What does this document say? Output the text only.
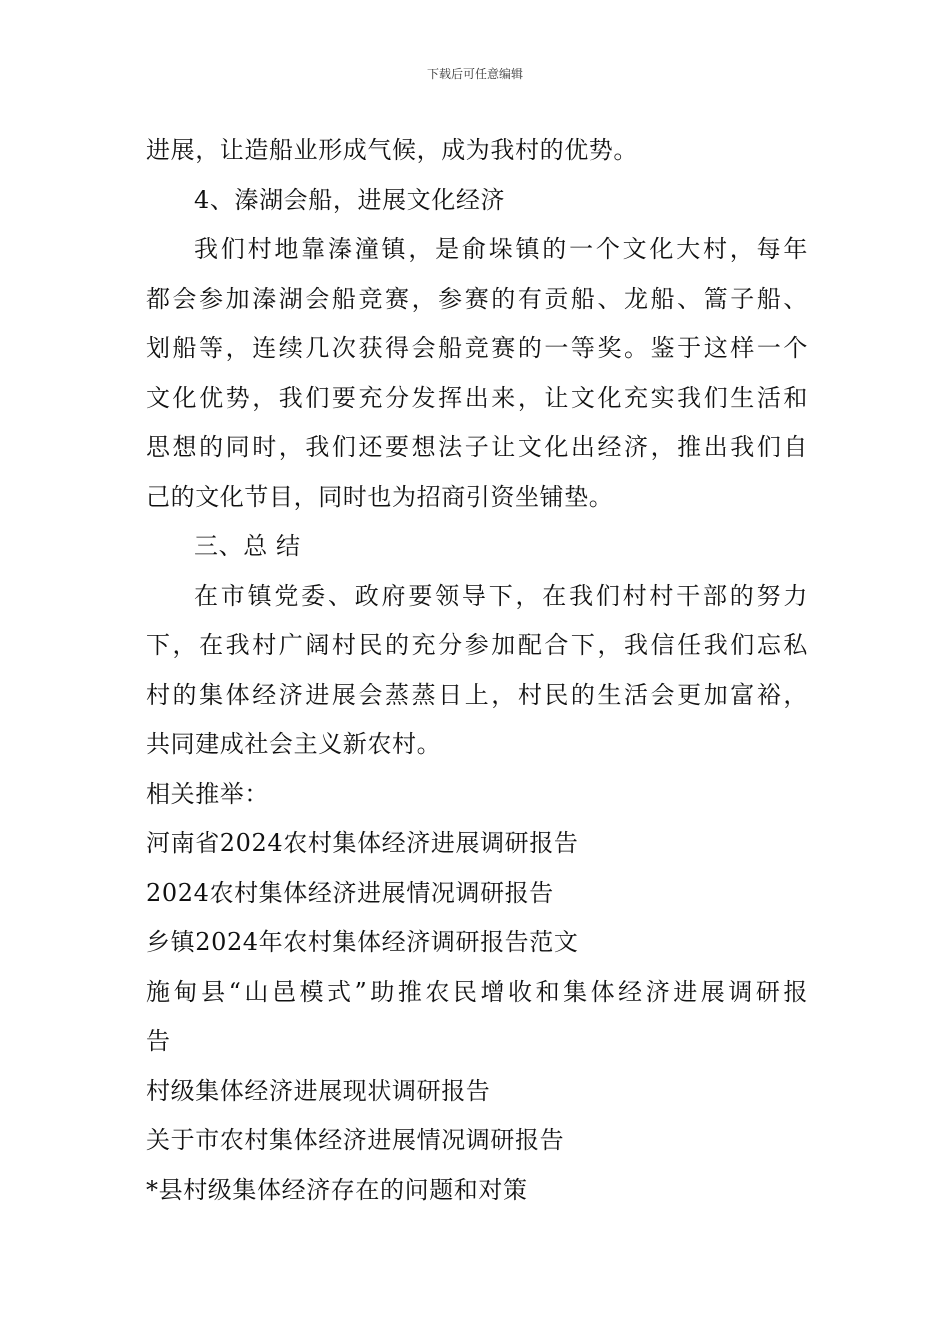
下载后可任意编辑
进展，让造船业形成气候，成为我村的优势。
4、溱湖会船，进展文化经济
我们村地靠溱潼镇，是俞垛镇的一个文化大村，每年
都会参加溱湖会船竞赛，参赛的有贡船、龙船、篙子船、
划船等，连续几次获得会船竞赛的一等奖。鉴于这样一个
文化优势，我们要充分发挥出来，让文化充实我们生活和
思想的同时，我们还要想法子让文化出经济，推出我们自
己的文化节目，同时也为招商引资坐铺垫。
三、总 结
在市镇党委、政府要领导下，在我们村村干部的努力
下，在我村广阔村民的充分参加配合下，我信任我们忘私
村的集体经济进展会蒸蒸日上，村民的生活会更加富裕，
共同建成社会主义新农村。
相关推举：
河南省2024农村集体经济进展调研报告
2024农村集体经济进展情况调研报告
乡镇2024年农村集体经济调研报告范文
施甸县“山邑模式”助推农民增收和集体经济进展调研报
告
村级集体经济进展现状调研报告
关于市农村集体经济进展情况调研报告
*县村级集体经济存在的问题和对策
